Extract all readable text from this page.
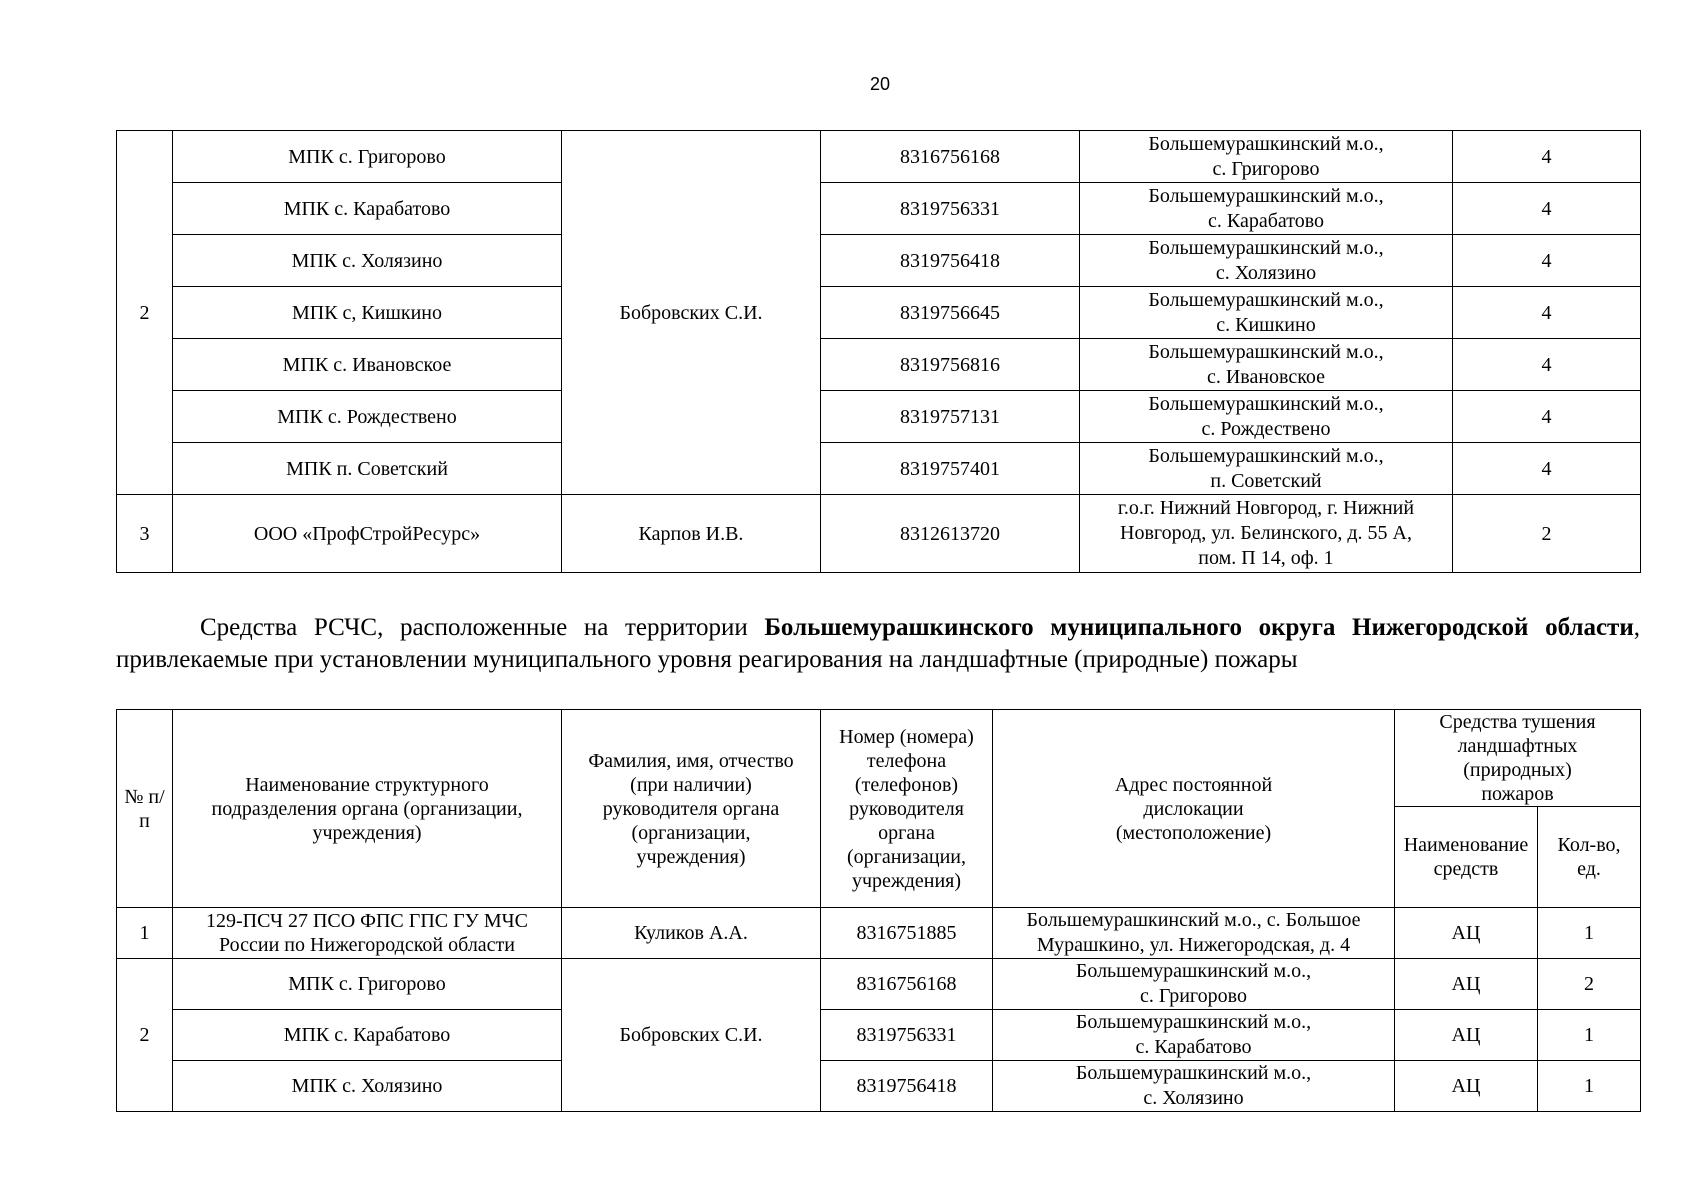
20
2	МПК с. Григорово	Бобровских С.И.	8316756168	Большемурашкинский м.о.,
с. Григорово	4
	МПК с. Карабатово		8319756331	Большемурашкинский м.о.,
с. Карабатово	4
	МПК с. Холязино		8319756418	Большемурашкинский м.о.,
с. Холязино	4
	МПК с, Кишкино		8319756645	Большемурашкинский м.о.,
с. Кишкино	4
	МПК с. Ивановское		8319756816	Большемурашкинский м.о.,
с. Ивановское	4
	МПК с. Рождествено		8319757131	Большемурашкинский м.о.,
с. Рождествено	4
	МПК п. Советский		8319757401	Большемурашкинский м.о.,
п. Советский	4
3	ООО «ПрофСтройРесурс»	Карпов И.В.	8312613720	г.о.г. Нижний Новгород, г. Нижний
Новгород, ул. Белинского, д. 55 А,
пом. П 14, оф. 1	2
Средства РСЧС, расположенные на территории Большемурашкинского муниципального округа Нижегородской области, привлекаемые при установлении муниципального уровня реагирования на ландшафтные (природные) пожары
№ п/п	Наименование структурного подразделения органа (организации, учреждения)	Фамилия, имя, отчество (при наличии) руководителя органа (организации, учреждения)	Номер (номера) телефона (телефонов) руководителя органа (организации, учреждения)	Адрес постоянной дислокации (местоположение)	Средства тушения ландшафтных (природных) пожаров	
					Наименование средств	Кол-во, ед.
1	129-ПСЧ 27 ПСО ФПС ГПС ГУ МЧС
России по Нижегородской области	Куликов А.А.	8316751885	Большемурашкинский м.о., с. Большое
Мурашкино, ул. Нижегородская, д. 4	АЦ	1
2	МПК с. Григорово	Бобровских С.И.	8316756168	Большемурашкинский м.о.,
с. Григорово	АЦ	2
	МПК с. Карабатово		8319756331	Большемурашкинский м.о.,
с. Карабатово	АЦ	1
	МПК с. Холязино		8319756418	Большемурашкинский м.о.,
с. Холязино	АЦ	1
